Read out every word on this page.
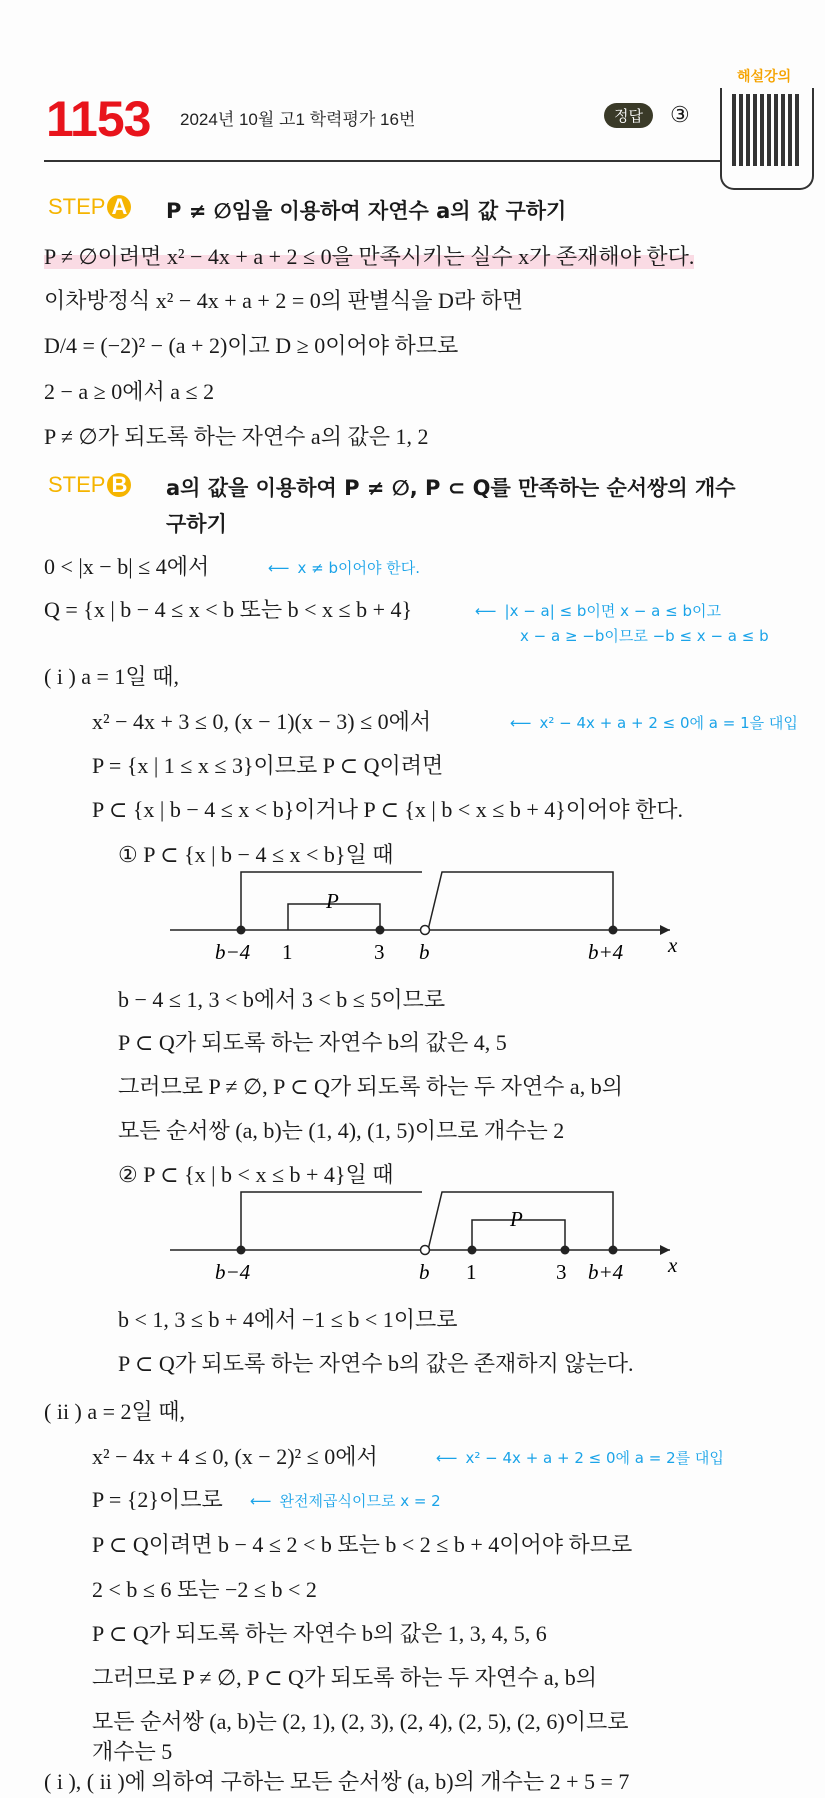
1153 2024년 10월 고1 학력평가 16번	정답	③
해설강의
STEP A P ≠ ∅임을 이용하여 자연수 a의 값 구하기
P ≠ ∅이려면 x² − 4x + a + 2 ≤ 0을 만족시키는 실수 x가 존재해야 한다.
이차방정식 x² − 4x + a + 2 = 0의 판별식을 D라 하면
D/4 = (−2)² − (a + 2)이고 D ≥ 0이어야 하므로
2 − a ≥ 0에서 a ≤ 2
P ≠ ∅가 되도록 하는 자연수 a의 값은 1, 2
STEP B a의 값을 이용하여 P ≠ ∅, P ⊂ Q를 만족하는 순서쌍의 개수
구하기
0 < |x − b| ≤ 4에서	⟵ x ≠ b이어야 한다.
Q = {x | b − 4 ≤ x < b 또는 b < x ≤ b + 4}	⟵ |x − a| ≤ b이면 x − a ≤ b이고
x − a ≥ −b이므로 −b ≤ x − a ≤ b
( i ) a = 1일 때,
x² − 4x + 3 ≤ 0, (x − 1)(x − 3) ≤ 0에서	⟵ x² − 4x + a + 2 ≤ 0에 a = 1을 대입
P = {x | 1 ≤ x ≤ 3}이므로 P ⊂ Q이려면
P ⊂ {x | b − 4 ≤ x < b}이거나 P ⊂ {x | b < x ≤ b + 4}이어야 한다.
① P ⊂ {x | b − 4 ≤ x < b}일 때
P
b−4 1	3 b	b+4 x
b − 4 ≤ 1, 3 < b에서 3 < b ≤ 5이므로
P ⊂ Q가 되도록 하는 자연수 b의 값은 4, 5
그러므로 P ≠ ∅, P ⊂ Q가 되도록 하는 두 자연수 a, b의
모든 순서쌍 (a, b)는 (1, 4), (1, 5)이므로 개수는 2
② P ⊂ {x | b < x ≤ b + 4}일 때
P
b−4	b 1	3 b+4 x
b < 1, 3 ≤ b + 4에서 −1 ≤ b < 1이므로
P ⊂ Q가 되도록 하는 자연수 b의 값은 존재하지 않는다.
( ii ) a = 2일 때,
x² − 4x + 4 ≤ 0, (x − 2)² ≤ 0에서	⟵ x² − 4x + a + 2 ≤ 0에 a = 2를 대입
P = {2}이므로 ⟵ 완전제곱식이므로 x = 2
P ⊂ Q이려면 b − 4 ≤ 2 < b 또는 b < 2 ≤ b + 4이어야 하므로
2 < b ≤ 6 또는 −2 ≤ b < 2
P ⊂ Q가 되도록 하는 자연수 b의 값은 1, 3, 4, 5, 6
그러므로 P ≠ ∅, P ⊂ Q가 되도록 하는 두 자연수 a, b의
모든 순서쌍 (a, b)는 (2, 1), (2, 3), (2, 4), (2, 5), (2, 6)이므로
개수는 5
( i ), ( ii )에 의하여 구하는 모든 순서쌍 (a, b)의 개수는 2 + 5 = 7
